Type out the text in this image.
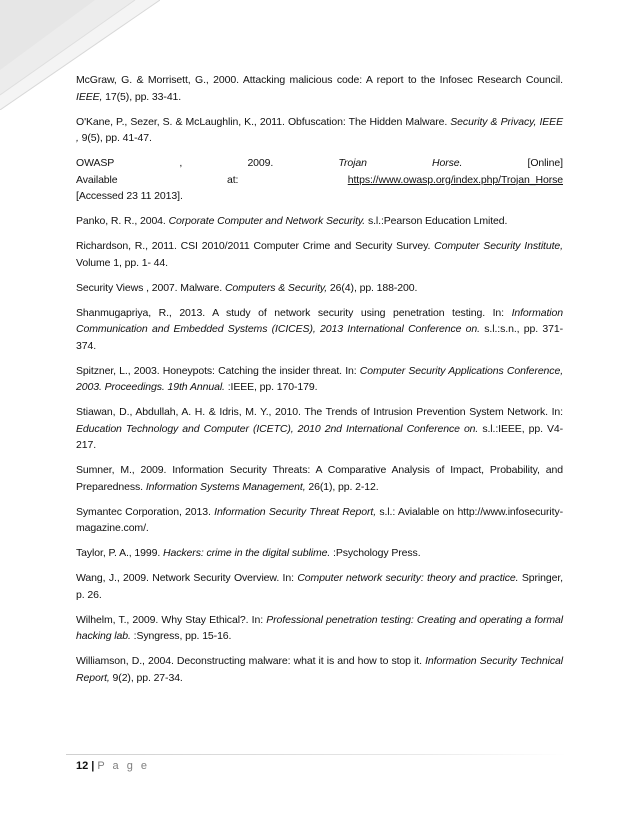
McGraw, G. & Morrisett, G., 2000. Attacking malicious code: A report to the Infosec Research Council. IEEE, 17(5), pp. 33-41.

O'Kane, P., Sezer, S. & McLaughlin, K., 2011. Obfuscation: The Hidden Malware. Security & Privacy, IEEE , 9(5), pp. 41-47.

OWASP	,	2009.	Trojan	Horse.	[Online]
Available	at:	https://www.owasp.org/index.php/Trojan_Horse
[Accessed 23 11 2013].

Panko, R. R., 2004. Corporate Computer and Network Security. s.l.:Pearson Education Lmited.

Richardson, R., 2011. CSI 2010/2011 Computer Crime and Security Survey. Computer Security Institute, Volume 1, pp. 1- 44.

Security Views , 2007. Malware. Computers & Security, 26(4), pp. 188-200.

Shanmugapriya, R., 2013. A study of network security using penetration testing. In: Information Communication and Embedded Systems (ICICES), 2013 International Conference on. s.l.:s.n., pp. 371-374.

Spitzner, L., 2003. Honeypots: Catching the insider threat. In: Computer Security Applications Conference, 2003. Proceedings. 19th Annual. :IEEE, pp. 170-179.

Stiawan, D., Abdullah, A. H. & Idris, M. Y., 2010. The Trends of Intrusion Prevention System Network. In: Education Technology and Computer (ICETC), 2010 2nd International Conference on. s.l.:IEEE, pp. V4-217.

Sumner, M., 2009. Information Security Threats: A Comparative Analysis of Impact, Probability, and Preparedness. Information Systems Management, 26(1), pp. 2-12.

Symantec Corporation, 2013. Information Security Threat Report, s.l.: Avialable on http://www.infosecurity-magazine.com/.

Taylor, P. A., 1999. Hackers: crime in the digital sublime. :Psychology Press.

Wang, J., 2009. Network Security Overview. In: Computer network security: theory and practice. Springer, p. 26.

Wilhelm, T., 2009. Why Stay Ethical?. In: Professional penetration testing: Creating and operating a formal hacking lab. :Syngress, pp. 15-16.

Williamson, D., 2004. Deconstructing malware: what it is and how to stop it. Information Security Technical Report, 9(2), pp. 27-34.

12 | P a g e
